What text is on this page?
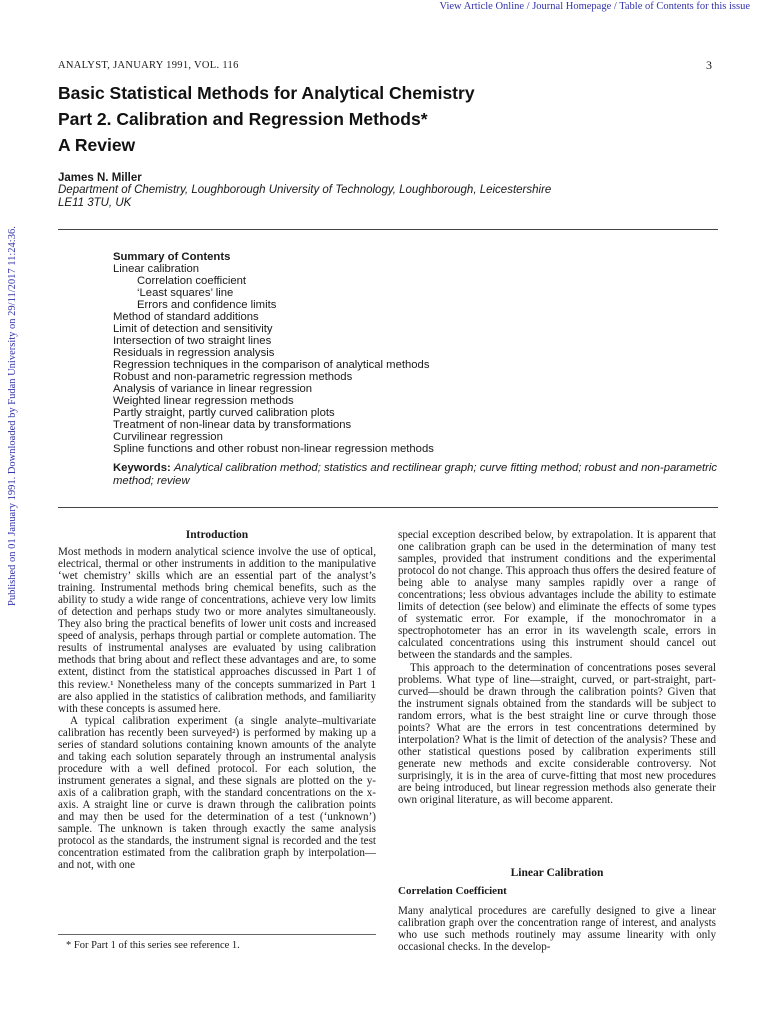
View Article Online / Journal Homepage / Table of Contents for this issue
Published on 01 January 1991. Downloaded by Fudan University on 29/11/2017 11:24:36.
ANALYST, JANUARY 1991, VOL. 116	3
Basic Statistical Methods for Analytical Chemistry
Part 2. Calibration and Regression Methods*
A Review
James N. Miller
Department of Chemistry, Loughborough University of Technology, Loughborough, Leicestershire
LE11 3TU, UK
Summary of Contents
Linear calibration
Correlation coefficient
‘Least squares’ line
Errors and confidence limits
Method of standard additions
Limit of detection and sensitivity
Intersection of two straight lines
Residuals in regression analysis
Regression techniques in the comparison of analytical methods
Robust and non-parametric regression methods
Analysis of variance in linear regression
Weighted linear regression methods
Partly straight, partly curved calibration plots
Treatment of non-linear data by transformations
Curvilinear regression
Spline functions and other robust non-linear regression methods
Keywords: Analytical calibration method; statistics and rectilinear graph; curve fitting method; robust and non-parametric method; review
Introduction

Most methods in modern analytical science involve the use of optical, electrical, thermal or other instruments in addition to the manipulative ‘wet chemistry’ skills which are an essential part of the analyst’s training. Instrumental methods bring chemical benefits, such as the ability to study a wide range of concentrations, achieve very low limits of detection and perhaps study two or more analytes simultaneously. They also bring the practical benefits of lower unit costs and increased speed of analysis, perhaps through partial or complete automation. The results of instrumental analyses are evaluated by using calibration methods that bring about and reflect these advantages and are, to some extent, distinct from the statistical approaches discussed in Part 1 of this review.¹ Nonetheless many of the concepts summarized in Part 1 are also applied in the statistics of calibration methods, and familiarity with these concepts is assumed here.

A typical calibration experiment (a single analyte–multivariate calibration has recently been surveyed²) is performed by making up a series of standard solutions containing known amounts of the analyte and taking each solution separately through an instrumental analysis procedure with a well defined protocol. For each solution, the instrument generates a signal, and these signals are plotted on the y-axis of a calibration graph, with the standard concentrations on the x-axis. A straight line or curve is drawn through the calibration points and may then be used for the determination of a test (‘unknown’) sample. The unknown is taken through exactly the same analysis protocol as the standards, the instrument signal is recorded and the test concentration estimated from the calibration graph by interpolation—and not, with one

special exception described below, by extrapolation. It is apparent that one calibration graph can be used in the determination of many test samples, provided that instrument conditions and the experimental protocol do not change. This approach thus offers the desired feature of being able to analyse many samples rapidly over a range of concentrations; less obvious advantages include the ability to estimate limits of detection (see below) and eliminate the effects of some types of systematic error. For example, if the monochromator in a spectrophotometer has an error in its wavelength scale, errors in calculated concentrations using this instrument should cancel out between the standards and the samples.

This approach to the determination of concentrations poses several problems. What type of line—straight, curved, or part-straight, part-curved—should be drawn through the calibration points? Given that the instrument signals obtained from the standards will be subject to random errors, what is the best straight line or curve through those points? What are the errors in test concentrations determined by interpolation? What is the limit of detection of the analysis? These and other statistical questions posed by calibration experiments still generate new methods and excite considerable controversy. Not surprisingly, it is in the area of curve-fitting that most new procedures are being introduced, but linear regression methods also generate their own original literature, as will become apparent.

Linear Calibration
Correlation Coefficient

Many analytical procedures are carefully designed to give a linear calibration graph over the concentration range of interest, and analysts who use such methods routinely may assume linearity with only occasional checks. In the develop-

* For Part 1 of this series see reference 1.
